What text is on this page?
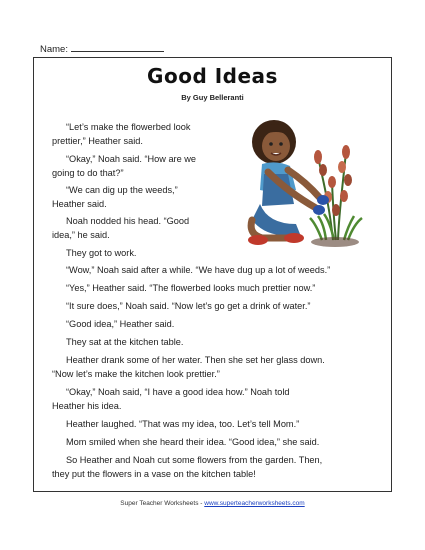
Name:
Good Ideas
By Guy Belleranti
“Let’s make the flowerbed look
prettier,” Heather said.
“Okay,” Noah said. “How are we
going to do that?”
“We can dig up the weeds,”
Heather said.
Noah nodded his head. “Good
idea,” he said.
They got to work.
“Wow,” Noah said after a while. “We have dug up a lot of weeds.”
“Yes,” Heather said. “The flowerbed looks much prettier now.”
“It sure does,” Noah said. “Now let’s go get a drink of water.”
“Good idea,” Heather said.
They sat at the kitchen table.
Heather drank some of her water. Then she set her glass down.
“Now let’s make the kitchen look prettier.”
“Okay,” Noah said, “I have a good idea how.” Noah told
Heather his idea.
Heather laughed. “That was my idea, too. Let’s tell Mom.”
Mom smiled when she heard their idea. “Good idea,” she said.
So Heather and Noah cut some flowers from the garden. Then,
they put the flowers in a vase on the kitchen table!
Super Teacher Worksheets - www.superteacherworksheets.com
